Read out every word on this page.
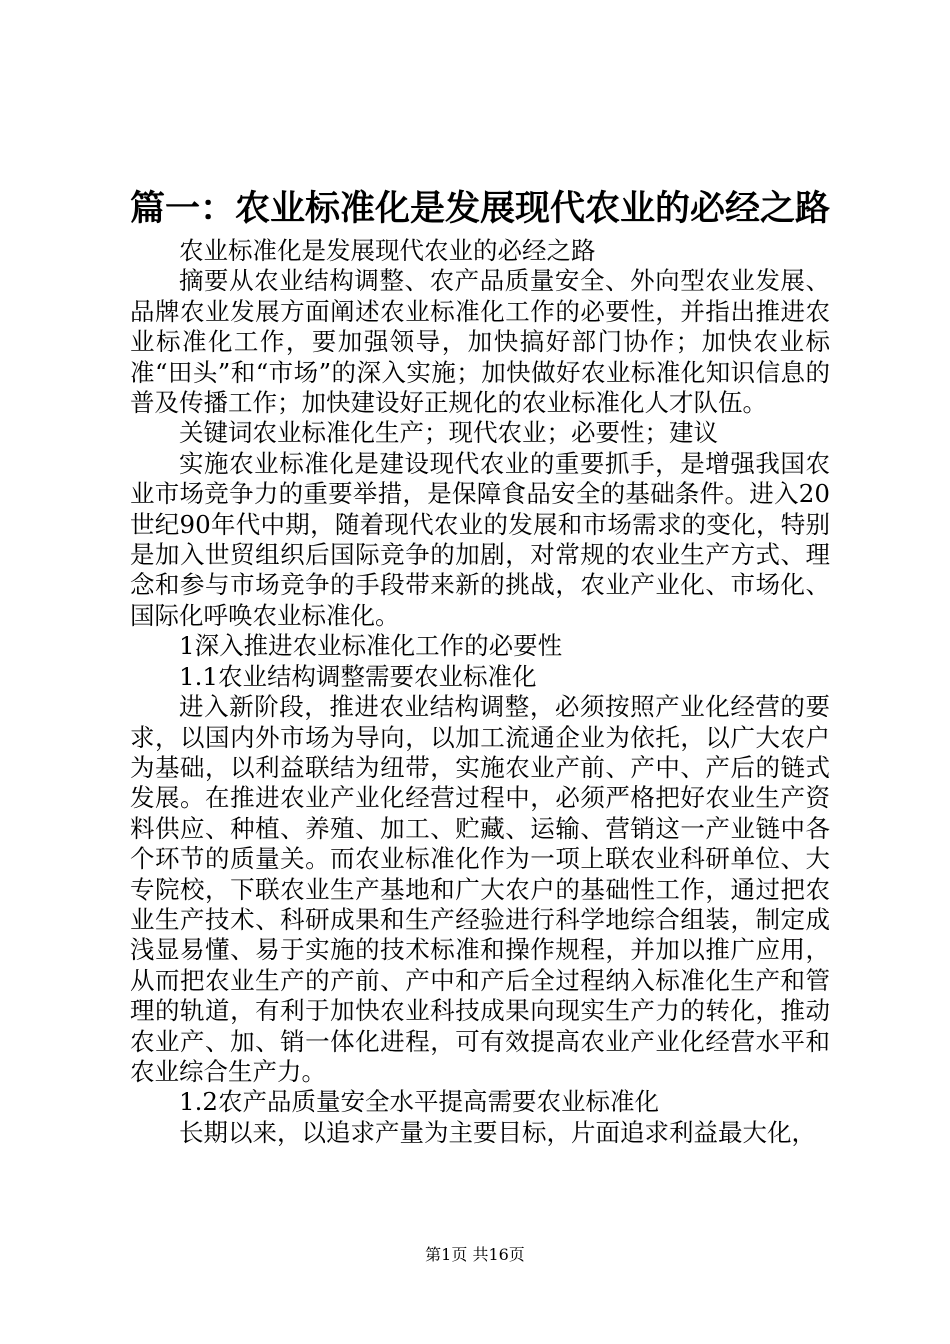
篇一：农业标准化是发展现代农业的必经之路

农业标准化是发展现代农业的必经之路

摘要从农业结构调整、农产品质量安全、外向型农业发展、品牌农业发展方面阐述农业标准化工作的必要性，并指出推进农业标准化工作，要加强领导，加快搞好部门协作；加快农业标准“田头”和“市场”的深入实施；加快做好农业标准化知识信息的普及传播工作；加快建设好正规化的农业标准化人才队伍。

关键词农业标准化生产；现代农业；必要性；建议

实施农业标准化是建设现代农业的重要抓手，是增强我国农业市场竞争力的重要举措，是保障食品安全的基础条件。进入20世纪90年代中期，随着现代农业的发展和市场需求的变化，特别是加入世贸组织后国际竞争的加剧，对常规的农业生产方式、理念和参与市场竞争的手段带来新的挑战，农业产业化、市场化、国际化呼唤农业标准化。

1深入推进农业标准化工作的必要性

1.1农业结构调整需要农业标准化

进入新阶段，推进农业结构调整，必须按照产业化经营的要求，以国内外市场为导向，以加工流通企业为依托，以广大农户为基础，以利益联结为纽带，实施农业产前、产中、产后的链式发展。在推进农业产业化经营过程中，必须严格把好农业生产资料供应、种植、养殖、加工、贮藏、运输、营销这一产业链中各个环节的质量关。而农业标准化作为一项上联农业科研单位、大专院校，下联农业生产基地和广大农户的基础性工作，通过把农业生产技术、科研成果和生产经验进行科学地综合组装，制定成浅显易懂、易于实施的技术标准和操作规程，并加以推广应用，从而把农业生产的产前、产中和产后全过程纳入标准化生产和管理的轨道，有利于加快农业科技成果向现实生产力的转化，推动农业产、加、销一体化进程，可有效提高农业产业化经营水平和农业综合生产力。

1.2农产品质量安全水平提高需要农业标准化

长期以来，以追求产量为主要目标，片面追求利益最大化，

第1页 共16页
